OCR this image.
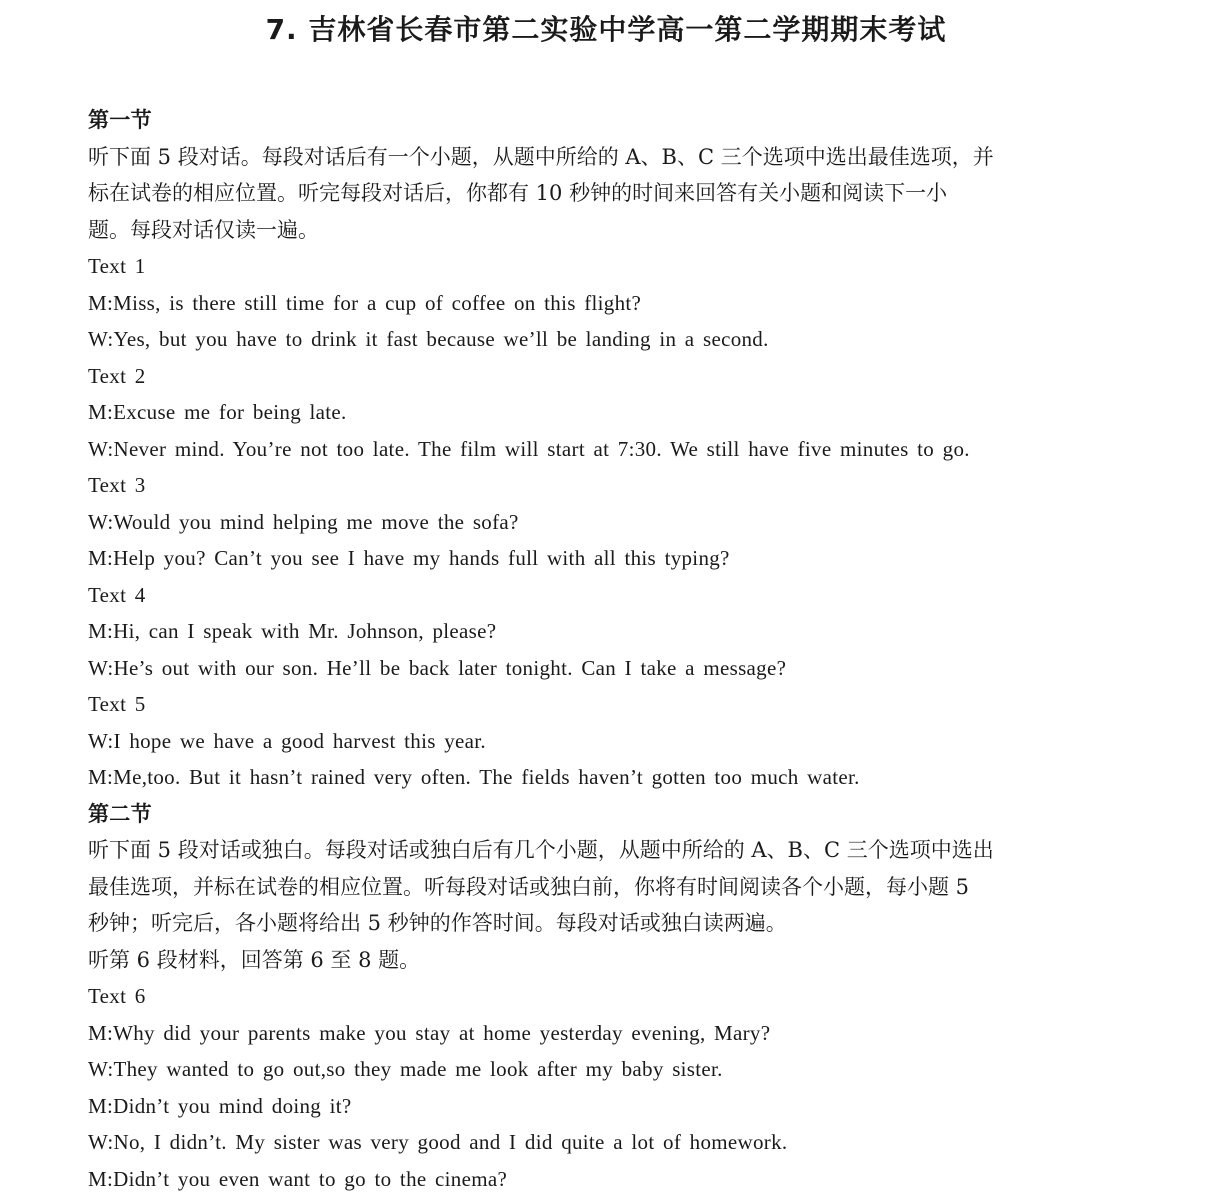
7. 吉林省长春市第二实验中学高一第二学期期末考试
第一节
听下面 5 段对话。每段对话后有一个小题，从题中所给的 A、B、C 三个选项中选出最佳选项，并
标在试卷的相应位置。听完每段对话后，你都有 10 秒钟的时间来回答有关小题和阅读下一小
题。每段对话仅读一遍。
Text 1
M:Miss, is there still time for a cup of coffee on this flight?
W:Yes, but you have to drink it fast because we’ll be landing in a second.
Text 2
M:Excuse me for being late.
W:Never mind. You’re not too late. The film will start at 7:30. We still have five minutes to go.
Text 3
W:Would you mind helping me move the sofa?
M:Help you? Can’t you see I have my hands full with all this typing?
Text 4
M:Hi, can I speak with Mr. Johnson, please?
W:He’s out with our son. He’ll be back later tonight. Can I take a message?
Text 5
W:I hope we have a good harvest this year.
M:Me,too. But it hasn’t rained very often. The fields haven’t gotten too much water.
第二节
听下面 5 段对话或独白。每段对话或独白后有几个小题，从题中所给的 A、B、C 三个选项中选出
最佳选项，并标在试卷的相应位置。听每段对话或独白前，你将有时间阅读各个小题，每小题 5
秒钟；听完后，各小题将给出 5 秒钟的作答时间。每段对话或独白读两遍。
听第 6 段材料，回答第 6 至 8 题。
Text 6
M:Why did your parents make you stay at home yesterday evening, Mary?
W:They wanted to go out,so they made me look after my baby sister.
M:Didn’t you mind doing it?
W:No, I didn’t. My sister was very good and I did quite a lot of homework.
M:Didn’t you even want to go to the cinema?
